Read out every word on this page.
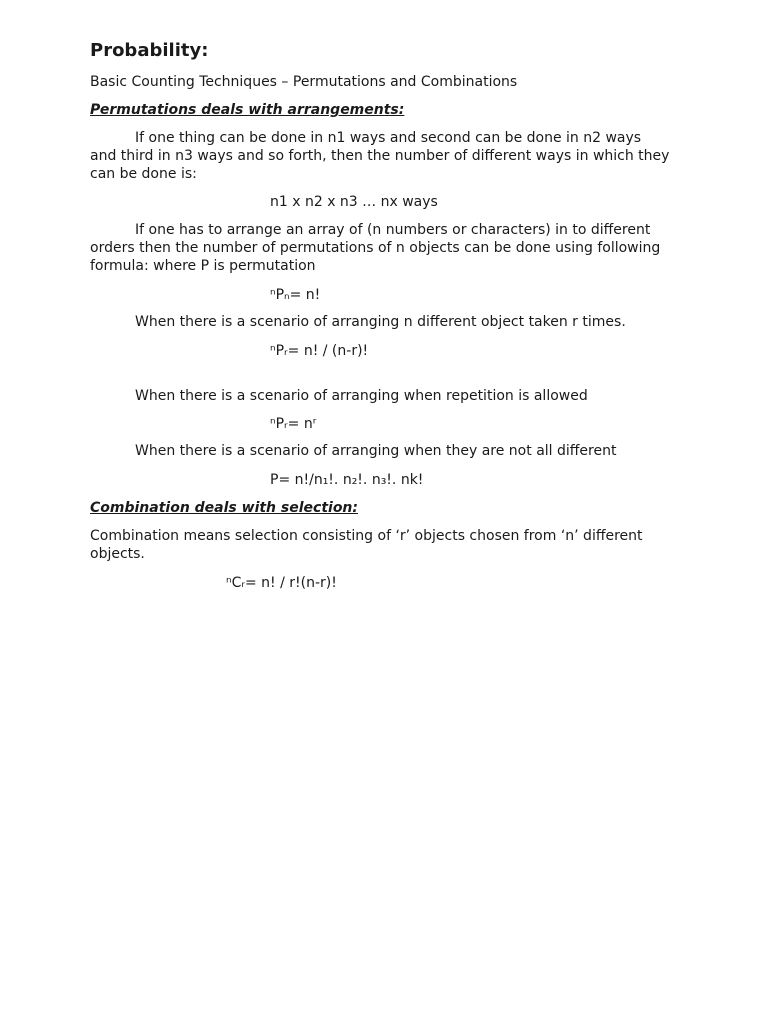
Probability:
Basic Counting Techniques – Permutations and Combinations
Permutations deals with arrangements:
If one thing can be done in n1 ways and second can be done in n2 ways and third in n3 ways and so forth, then the number of different ways in which they can be done is:
n1 x n2 x n3 … nx ways
If one has to arrange an array of (n numbers or characters) in to different orders then the number of permutations of n objects can be done using following formula: where P is permutation
ⁿPₙ= n!
When there is a scenario of arranging n different object taken r times.
ⁿPᵣ= n! / (n-r)!
When there is a scenario of arranging when repetition is allowed
ⁿPᵣ= nʳ
When there is a scenario of arranging when they are not all different
P= n!/n₁!. n₂!. n₃!. nk!
Combination deals with selection:
Combination means selection consisting of ‘r’ objects chosen from ‘n’ different objects.
ⁿCᵣ= n! / r!(n-r)!
